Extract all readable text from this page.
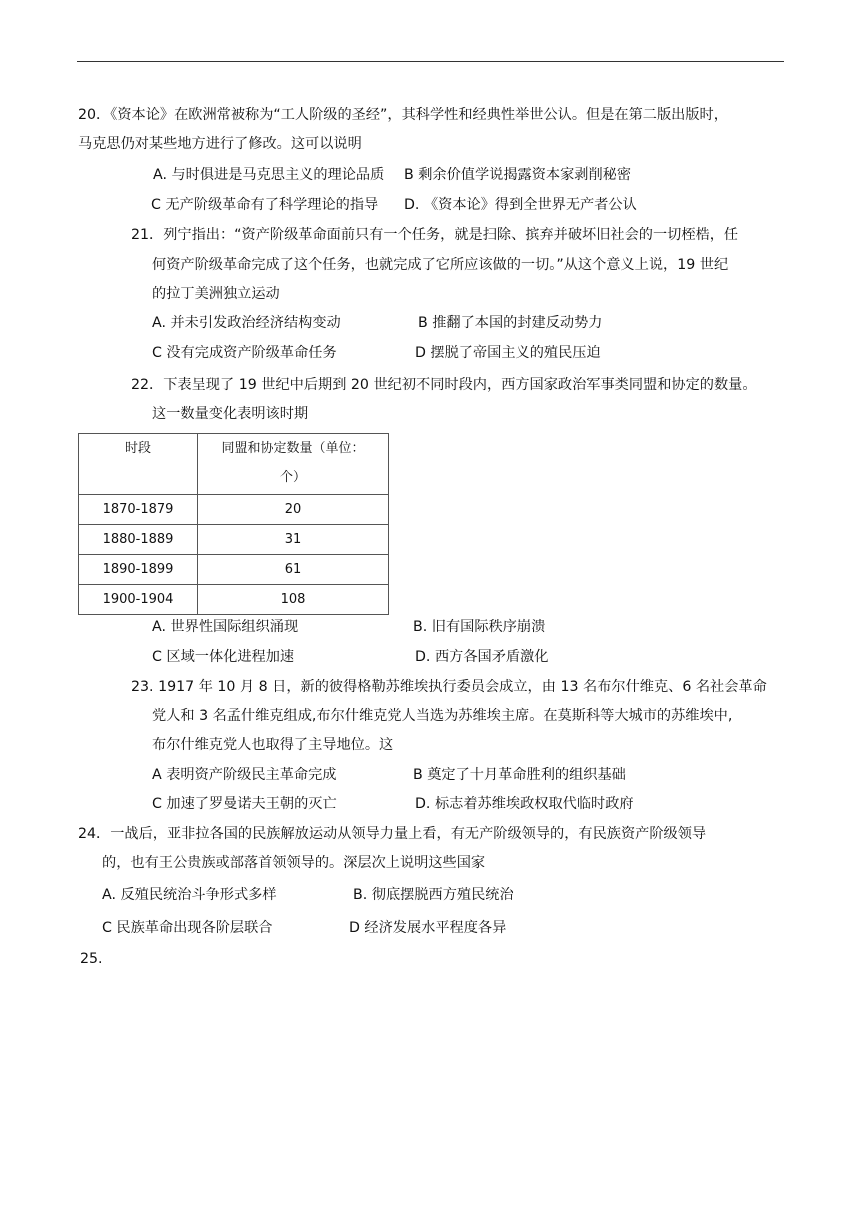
20．《资本论》在欧洲常被称为“工人阶级的圣经”，其科学性和经典性举世公认。但是在第二版出版时，
马克思仍对某些地方进行了修改。这可以说明
A. 与时俱进是马克思主义的理论品质 B 剩余价值学说揭露资本家剥削秘密
C 无产阶级革命有了科学理论的指导 D. 《资本论》得到全世界无产者公认
21．列宁指出：“资产阶级革命面前只有一个任务，就是扫除、摈弃并破坏旧社会的一切桎梏，任
何资产阶级革命完成了这个任务，也就完成了它所应该做的一切。”从这个意义上说，19 世纪
的拉丁美洲独立运动
A. 并未引发政治经济结构变动	B 推翻了本国的封建反动势力
C 没有完成资产阶级革命任务	D 摆脱了帝国主义的殖民压迫
22．下表呈现了 19 世纪中后期到 20 世纪初不同时段内，西方国家政治军事类同盟和协定的数量。
这一数量变化表明该时期
时段	同盟和协定数量（单位：个）
1870-1879	20
1880-1889	31
1890-1899	61
1900-1904	108
A. 世界性国际组织涌现	B. 旧有国际秩序崩溃
C 区域一体化进程加速	D. 西方各国矛盾激化
23. 1917 年 10 月 8 日，新的彼得格勒苏维埃执行委员会成立，由 13 名布尔什维克、6 名社会革命
党人和 3 名孟什维克组成,布尔什维克党人当选为苏维埃主席。在莫斯科等大城市的苏维埃中,
布尔什维克党人也取得了主导地位。这
A 表明资产阶级民主革命完成	B 奠定了十月革命胜利的组织基础
C 加速了罗曼诺夫王朝的灭亡	D. 标志着苏维埃政权取代临时政府
24．一战后，亚非拉各国的民族解放运动从领导力量上看，有无产阶级领导的，有民族资产阶级领导
的，也有王公贵族或部落首领领导的。深层次上说明这些国家
A. 反殖民统治斗争形式多样	B. 彻底摆脱西方殖民统治
C 民族革命出现各阶层联合	D 经济发展水平程度各异
25.
